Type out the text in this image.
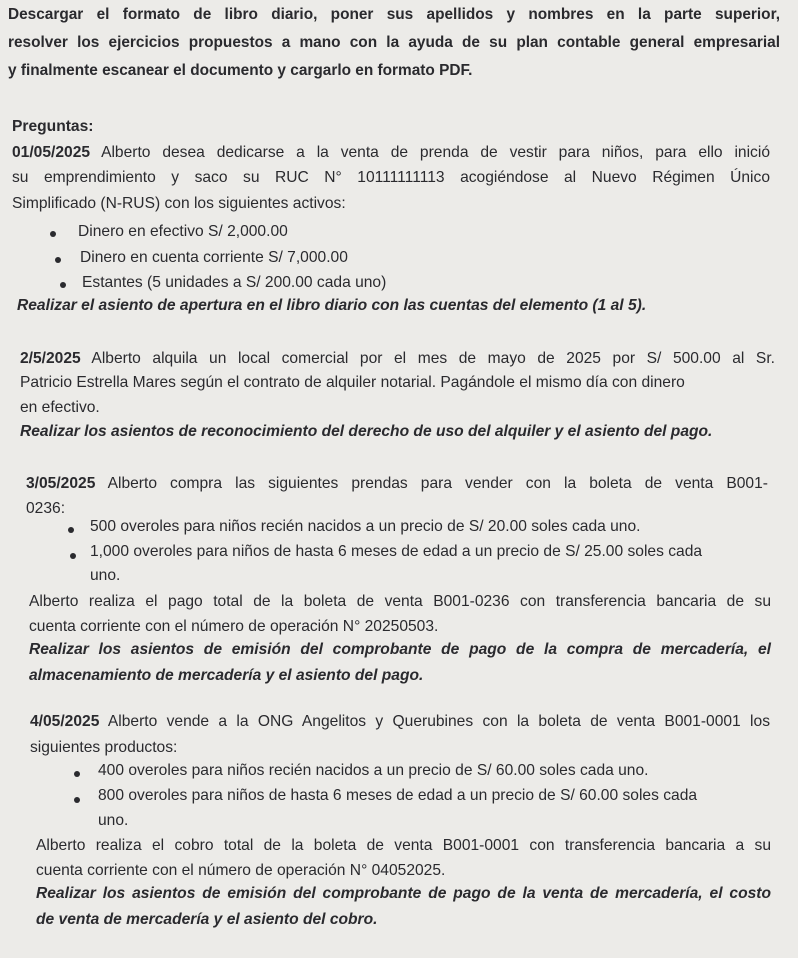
Descargar el formato de libro diario, poner sus apellidos y nombres en la parte superior,
resolver los ejercicios propuestos a mano con la ayuda de su plan contable general empresarial
y finalmente escanear el documento y cargarlo en formato PDF.
Preguntas:
01/05/2025 Alberto desea dedicarse a la venta de prenda de vestir para niños, para ello inició
su emprendimiento y saco su RUC N° 10111111113 acogiéndose al Nuevo Régimen Único
Simplificado (N-RUS) con los siguientes activos:
Dinero en efectivo S/ 2,000.00
Dinero en cuenta corriente S/ 7,000.00
Estantes (5 unidades a S/ 200.00 cada uno)
Realizar el asiento de apertura en el libro diario con las cuentas del elemento (1 al 5).
2/5/2025 Alberto alquila un local comercial por el mes de mayo de 2025 por S/ 500.00 al Sr.
Patricio Estrella Mares según el contrato de alquiler notarial. Pagándole el mismo día con dinero
en efectivo.
Realizar los asientos de reconocimiento del derecho de uso del alquiler y el asiento del pago.
3/05/2025 Alberto compra las siguientes prendas para vender con la boleta de venta B001-
0236:
500 overoles para niños recién nacidos a un precio de S/ 20.00 soles cada uno.
1,000 overoles para niños de hasta 6 meses de edad a un precio de S/ 25.00 soles cada
uno.
Alberto realiza el pago total de la boleta de venta B001-0236 con transferencia bancaria de su
cuenta corriente con el número de operación N° 20250503.
Realizar los asientos de emisión del comprobante de pago de la compra de mercadería, el
almacenamiento de mercadería y el asiento del pago.
4/05/2025 Alberto vende a la ONG Angelitos y Querubines con la boleta de venta B001-0001 los
siguientes productos:
400 overoles para niños recién nacidos a un precio de S/ 60.00 soles cada uno.
800 overoles para niños de hasta 6 meses de edad a un precio de S/ 60.00 soles cada
uno.
Alberto realiza el cobro total de la boleta de venta B001-0001 con transferencia bancaria a su
cuenta corriente con el número de operación N° 04052025.
Realizar los asientos de emisión del comprobante de pago de la venta de mercadería, el costo
de venta de mercadería y el asiento del cobro.
